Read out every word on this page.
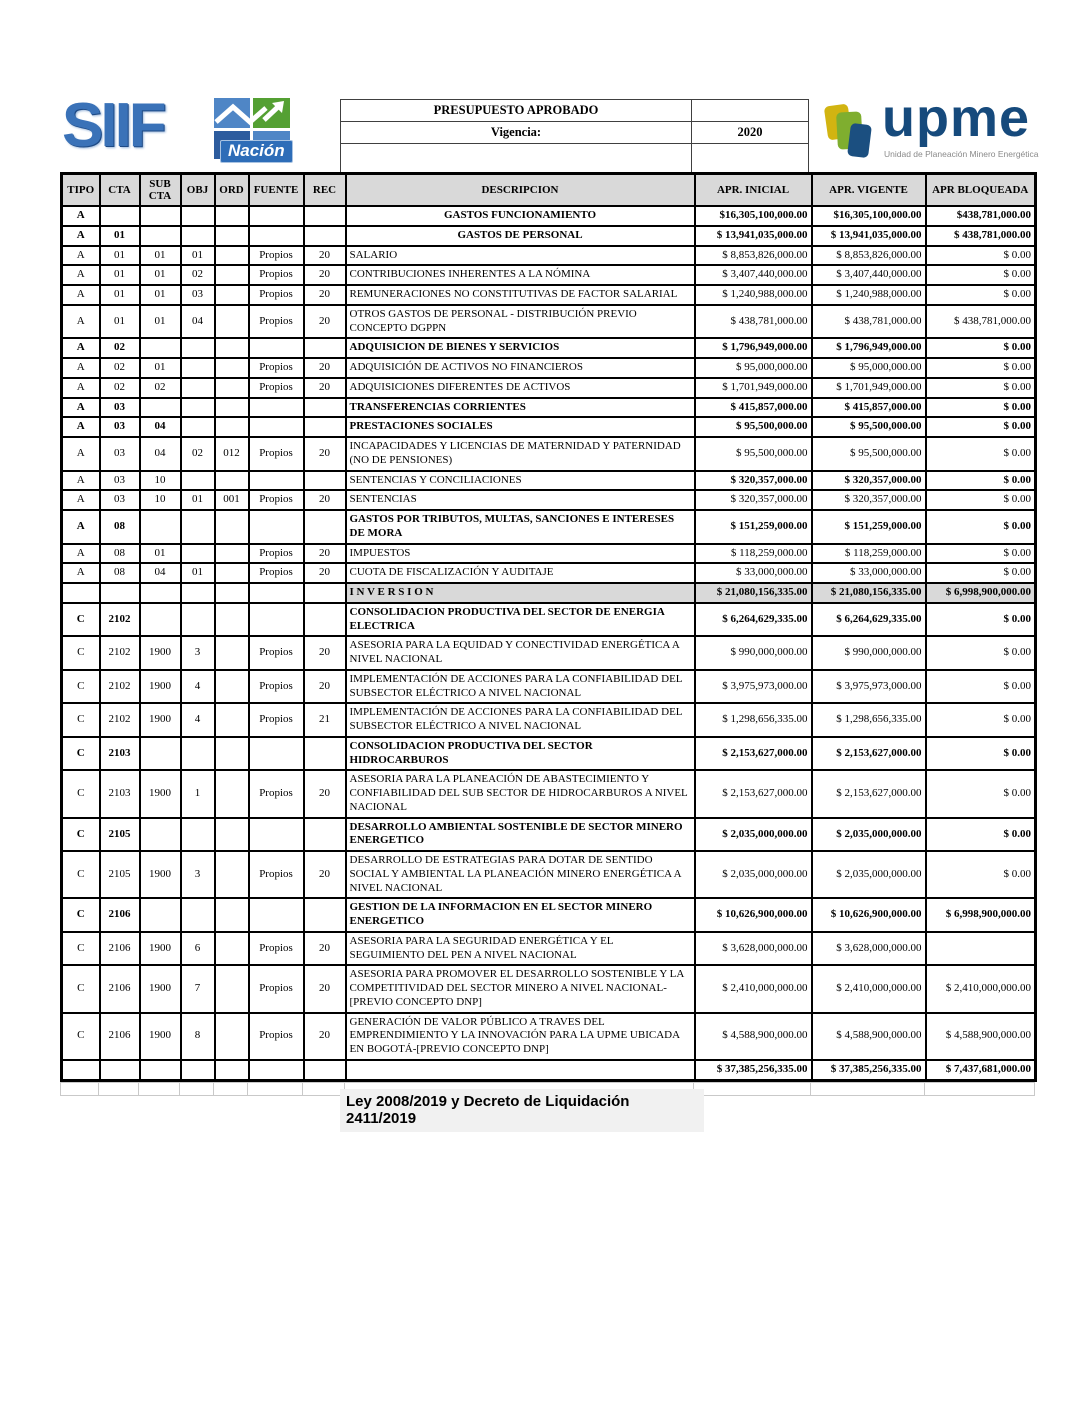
SIIF	Nación
PRESUPUESTO APROBADO	
Vigencia:	2020
	upme
Unidad de Planeación Minero Energética
TIPO	CTA	SUB CTA	OBJ	ORD	FUENTE	REC	DESCRIPCION	APR. INICIAL	APR. VIGENTE	APR BLOQUEADA
A							GASTOS FUNCIONAMIENTO	$16,305,100,000.00	$16,305,100,000.00	$438,781,000.00
A	01						GASTOS DE PERSONAL	$ 13,941,035,000.00	$ 13,941,035,000.00	$ 438,781,000.00
A	01	01	01		Propios	20	SALARIO	$ 8,853,826,000.00	$ 8,853,826,000.00	$ 0.00
A	01	01	02		Propios	20	CONTRIBUCIONES INHERENTES A LA NÓMINA	$ 3,407,440,000.00	$ 3,407,440,000.00	$ 0.00
A	01	01	03		Propios	20	REMUNERACIONES NO CONSTITUTIVAS DE FACTOR SALARIAL	$ 1,240,988,000.00	$ 1,240,988,000.00	$ 0.00
A	01	01	04		Propios	20	OTROS GASTOS DE PERSONAL - DISTRIBUCIÓN PREVIO CONCEPTO DGPPN	$ 438,781,000.00	$ 438,781,000.00	$ 438,781,000.00
A	02						ADQUISICION DE BIENES Y SERVICIOS	$ 1,796,949,000.00	$ 1,796,949,000.00	$ 0.00
A	02	01			Propios	20	ADQUISICIÓN DE ACTIVOS NO FINANCIEROS	$ 95,000,000.00	$ 95,000,000.00	$ 0.00
A	02	02			Propios	20	ADQUISICIONES DIFERENTES DE ACTIVOS	$ 1,701,949,000.00	$ 1,701,949,000.00	$ 0.00
A	03						TRANSFERENCIAS CORRIENTES	$ 415,857,000.00	$ 415,857,000.00	$ 0.00
A	03	04					PRESTACIONES SOCIALES	$ 95,500,000.00	$ 95,500,000.00	$ 0.00
A	03	04	02	012	Propios	20	INCAPACIDADES Y LICENCIAS DE MATERNIDAD Y PATERNIDAD (NO DE PENSIONES)	$ 95,500,000.00	$ 95,500,000.00	$ 0.00
A	03	10					SENTENCIAS Y CONCILIACIONES	$ 320,357,000.00	$ 320,357,000.00	$ 0.00
A	03	10	01	001	Propios	20	SENTENCIAS	$ 320,357,000.00	$ 320,357,000.00	$ 0.00
A	08						GASTOS POR TRIBUTOS, MULTAS, SANCIONES E INTERESES DE MORA	$ 151,259,000.00	$ 151,259,000.00	$ 0.00
A	08	01			Propios	20	IMPUESTOS	$ 118,259,000.00	$ 118,259,000.00	$ 0.00
A	08	04	01		Propios	20	CUOTA DE FISCALIZACIÓN Y AUDITAJE	$ 33,000,000.00	$ 33,000,000.00	$ 0.00
							I N V E R S I O N	$ 21,080,156,335.00	$ 21,080,156,335.00	$ 6,998,900,000.00
C	2102						CONSOLIDACION PRODUCTIVA DEL SECTOR DE ENERGIA ELECTRICA	$ 6,264,629,335.00	$ 6,264,629,335.00	$ 0.00
C	2102	1900	3		Propios	20	ASESORIA PARA LA EQUIDAD Y CONECTIVIDAD ENERGÉTICA A NIVEL NACIONAL	$ 990,000,000.00	$ 990,000,000.00	$ 0.00
C	2102	1900	4		Propios	20	IMPLEMENTACIÓN DE ACCIONES PARA LA CONFIABILIDAD DEL SUBSECTOR ELÉCTRICO A NIVEL NACIONAL	$ 3,975,973,000.00	$ 3,975,973,000.00	$ 0.00
C	2102	1900	4		Propios	21	IMPLEMENTACIÓN DE ACCIONES PARA LA CONFIABILIDAD DEL SUBSECTOR ELÉCTRICO A NIVEL NACIONAL	$ 1,298,656,335.00	$ 1,298,656,335.00	$ 0.00
C	2103						CONSOLIDACION PRODUCTIVA DEL SECTOR HIDROCARBUROS	$ 2,153,627,000.00	$ 2,153,627,000.00	$ 0.00
C	2103	1900	1		Propios	20	ASESORIA PARA LA PLANEACIÓN DE ABASTECIMIENTO Y CONFIABILIDAD DEL SUB SECTOR DE HIDROCARBUROS A NIVEL NACIONAL	$ 2,153,627,000.00	$ 2,153,627,000.00	$ 0.00
C	2105						DESARROLLO AMBIENTAL SOSTENIBLE DE SECTOR MINERO ENERGETICO	$ 2,035,000,000.00	$ 2,035,000,000.00	$ 0.00
C	2105	1900	3		Propios	20	DESARROLLO DE ESTRATEGIAS PARA DOTAR DE SENTIDO SOCIAL Y AMBIENTAL LA PLANEACIÓN MINERO ENERGÉTICA A NIVEL NACIONAL	$ 2,035,000,000.00	$ 2,035,000,000.00	$ 0.00
C	2106						GESTION DE LA INFORMACION EN EL SECTOR MINERO ENERGETICO	$ 10,626,900,000.00	$ 10,626,900,000.00	$ 6,998,900,000.00
C	2106	1900	6		Propios	20	ASESORIA PARA LA SEGURIDAD ENERGÉTICA Y EL SEGUIMIENTO DEL PEN A NIVEL NACIONAL	$ 3,628,000,000.00	$ 3,628,000,000.00	
C	2106	1900	7		Propios	20	ASESORIA PARA PROMOVER EL DESARROLLO SOSTENIBLE Y LA COMPETITIVIDAD DEL SECTOR MINERO A NIVEL NACIONAL-[PREVIO CONCEPTO DNP]	$ 2,410,000,000.00	$ 2,410,000,000.00	$ 2,410,000,000.00
C	2106	1900	8		Propios	20	GENERACIÓN DE VALOR PÚBLICO A TRAVES DEL EMPRENDIMIENTO Y LA INNOVACIÓN PARA LA UPME UBICADA EN BOGOTÁ-[PREVIO CONCEPTO DNP]	$ 4,588,900,000.00	$ 4,588,900,000.00	$ 4,588,900,000.00
								$ 37,385,256,335.00	$ 37,385,256,335.00	$ 7,437,681,000.00

Ley 2008/2019 y Decreto de Liquidación 2411/2019
